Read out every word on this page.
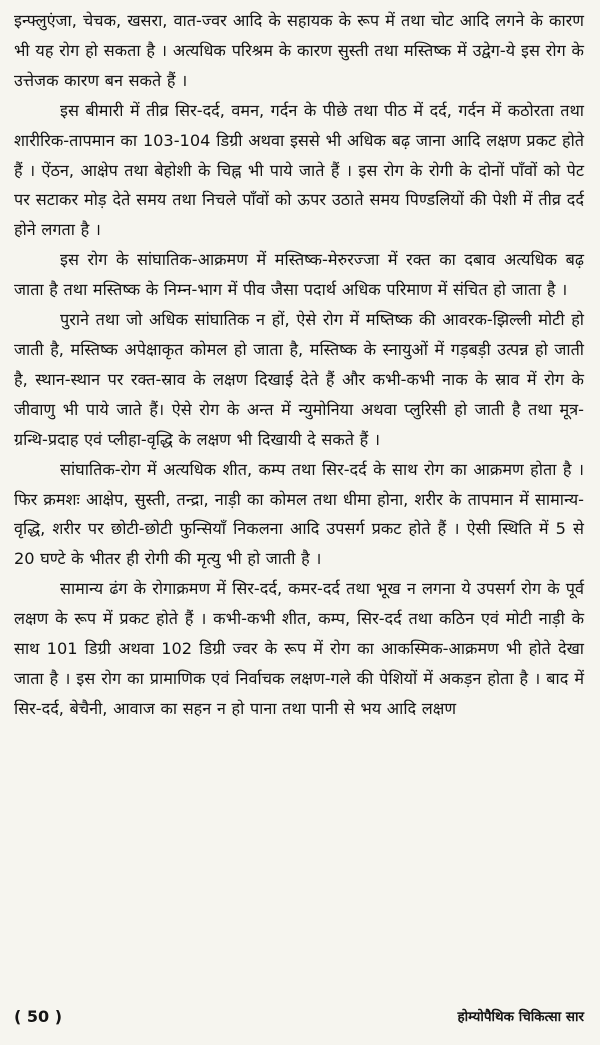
इन्फ्लुएंजा, चेचक, खसरा, वात-ज्वर आदि के सहायक के रूप में तथा चोट आदि लगने के कारण भी यह रोग हो सकता है । अत्यधिक परिश्रम के कारण सुस्ती तथा मस्तिष्क में उद्वेग-ये इस रोग के उत्तेजक कारण बन सकते हैं ।

इस बीमारी में तीव्र सिर-दर्द, वमन, गर्दन के पीछे तथा पीठ में दर्द, गर्दन में कठोरता तथा शारीरिक-तापमान का 103-104 डिग्री अथवा इससे भी अधिक बढ़ जाना आदि लक्षण प्रकट होते हैं । ऐंठन, आक्षेप तथा बेहोशी के चिह्न भी पाये जाते हैं । इस रोग के रोगी के दोनों पाँवों को पेट पर सटाकर मोड़ देते समय तथा निचले पाँवों को ऊपर उठाते समय पिण्डलियों की पेशी में तीव्र दर्द होने लगता है ।

इस रोग के सांघातिक-आक्रमण में मस्तिष्क-मेरुरज्जा में रक्त का दबाव अत्यधिक बढ़ जाता है तथा मस्तिष्क के निम्न-भाग में पीव जैसा पदार्थ अधिक परिमाण में संचित हो जाता है ।

पुराने तथा जो अधिक सांघातिक न हों, ऐसे रोग में मष्तिष्क की आवरक-झिल्ली मोटी हो जाती है, मस्तिष्क अपेक्षाकृत कोमल हो जाता है, मस्तिष्क के स्नायुओं में गड़बड़ी उत्पन्न हो जाती है, स्थान-स्थान पर रक्त-स्राव के लक्षण दिखाई देते हैं और कभी-कभी नाक के स्राव में रोग के जीवाणु भी पाये जाते हैं। ऐसे रोग के अन्त में न्युमोनिया अथवा प्लुरिसी हो जाती है तथा मूत्र-ग्रन्थि-प्रदाह एवं प्लीहा-वृद्धि के लक्षण भी दिखायी दे सकते हैं ।

सांघातिक-रोग में अत्यधिक शीत, कम्प तथा सिर-दर्द के साथ रोग का आक्रमण होता है । फिर क्रमशः आक्षेप, सुस्ती, तन्द्रा, नाड़ी का कोमल तथा धीमा होना, शरीर के तापमान में सामान्य-वृद्धि, शरीर पर छोटी-छोटी फुन्सियाँ निकलना आदि उपसर्ग प्रकट होते हैं । ऐसी स्थिति में 5 से 20 घण्टे के भीतर ही रोगी की मृत्यु भी हो जाती है ।

सामान्य ढंग के रोगाक्रमण में सिर-दर्द, कमर-दर्द तथा भूख न लगना ये उपसर्ग रोग के पूर्व लक्षण के रूप में प्रकट होते हैं । कभी-कभी शीत, कम्प, सिर-दर्द तथा कठिन एवं मोटी नाड़ी के साथ 101 डिग्री अथवा 102 डिग्री ज्वर के रूप में रोग का आकस्मिक-आक्रमण भी होते देखा जाता है । इस रोग का प्रामाणिक एवं निर्वाचक लक्षण-गले की पेशियों में अकड़न होता है । बाद में सिर-दर्द, बेचैनी, आवाज का सहन न हो पाना तथा पानी से भय आदि लक्षण

( 50 )	होम्योपैथिक चिकित्सा सार
